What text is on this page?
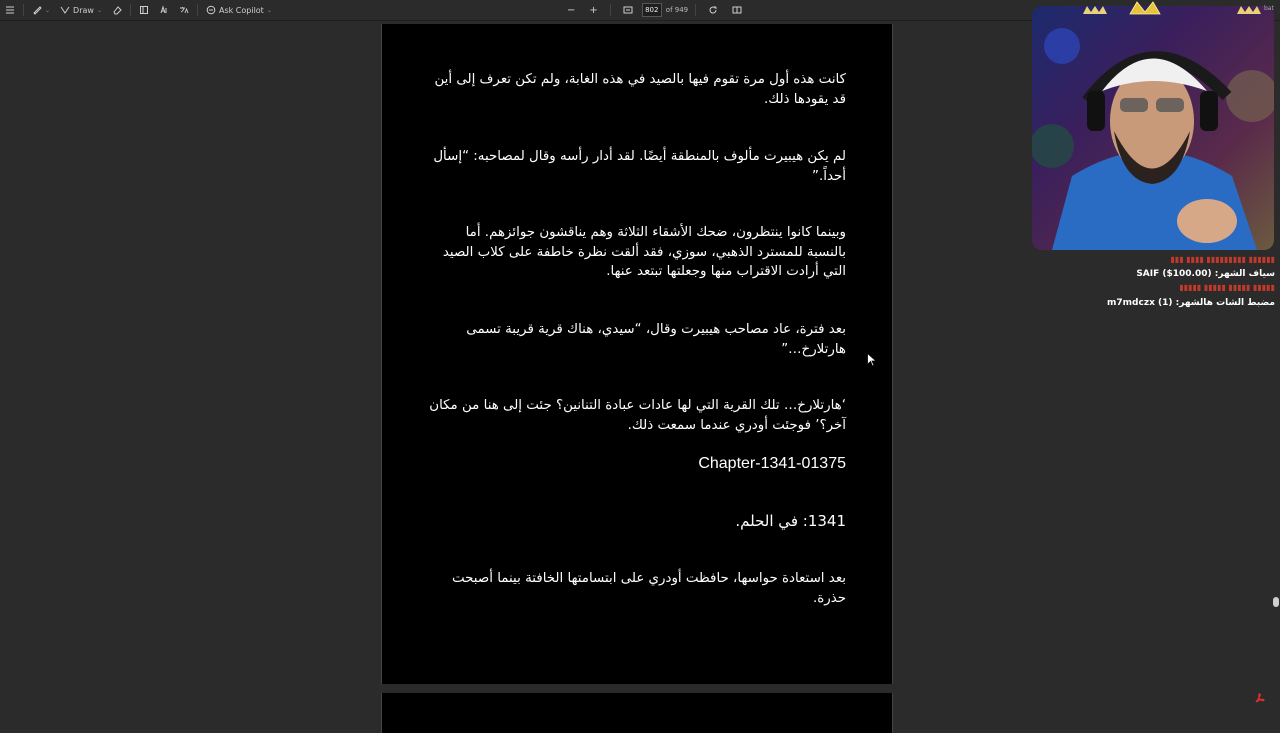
⌄	Draw ⌄	Ask Copilot ⌄	− +	802	of 949

كانت هذه أول مرة تقوم فيها بالصيد في هذه الغابة، ولم تكن تعرف إلى أين قد يقودها ذلك.

لم يكن هيبيرت مألوف بالمنطقة أيضًا. لقد أدار رأسه وقال لمصاحبه: “إسأل أحداً.”

وبينما كانوا ينتظرون، ضحك الأشقاء الثلاثة وهم يناقشون جوائزهم. أما بالنسبة للمسترد الذهبي، سوزي، فقد ألقت نظرة خاطفة على كلاب الصيد التي أرادت الاقتراب منها وجعلتها تبتعد عنها.

بعد فترة، عاد مصاحب هيبيرت وقال، “سيدي، هناك قرية قريبة تسمى هارتلارخ…”

‘هارتلارخ… تلك القرية التي لها عادات عبادة التنانين؟ جئت إلى هنا من مكان آخر؟’ فوجئت أودري عندما سمعت ذلك.

Chapter-1341-01375

1341: في الحلم.

بعد استعادة حواسها، حافظت أودري على ابتسامتها الخافتة بينما أصبحت حذرة.

bat
▮▮▮▮▮▮ ▮▮▮▮▮▮▮▮▮ ▮▮▮▮ ▮▮▮
سياف الشهر: SAIF ($100.00)
▮▮▮▮▮ ▮▮▮▮▮ ▮▮▮▮▮ ▮▮▮▮▮
مضبط الشات هالشهر: m7mdczx (1)
